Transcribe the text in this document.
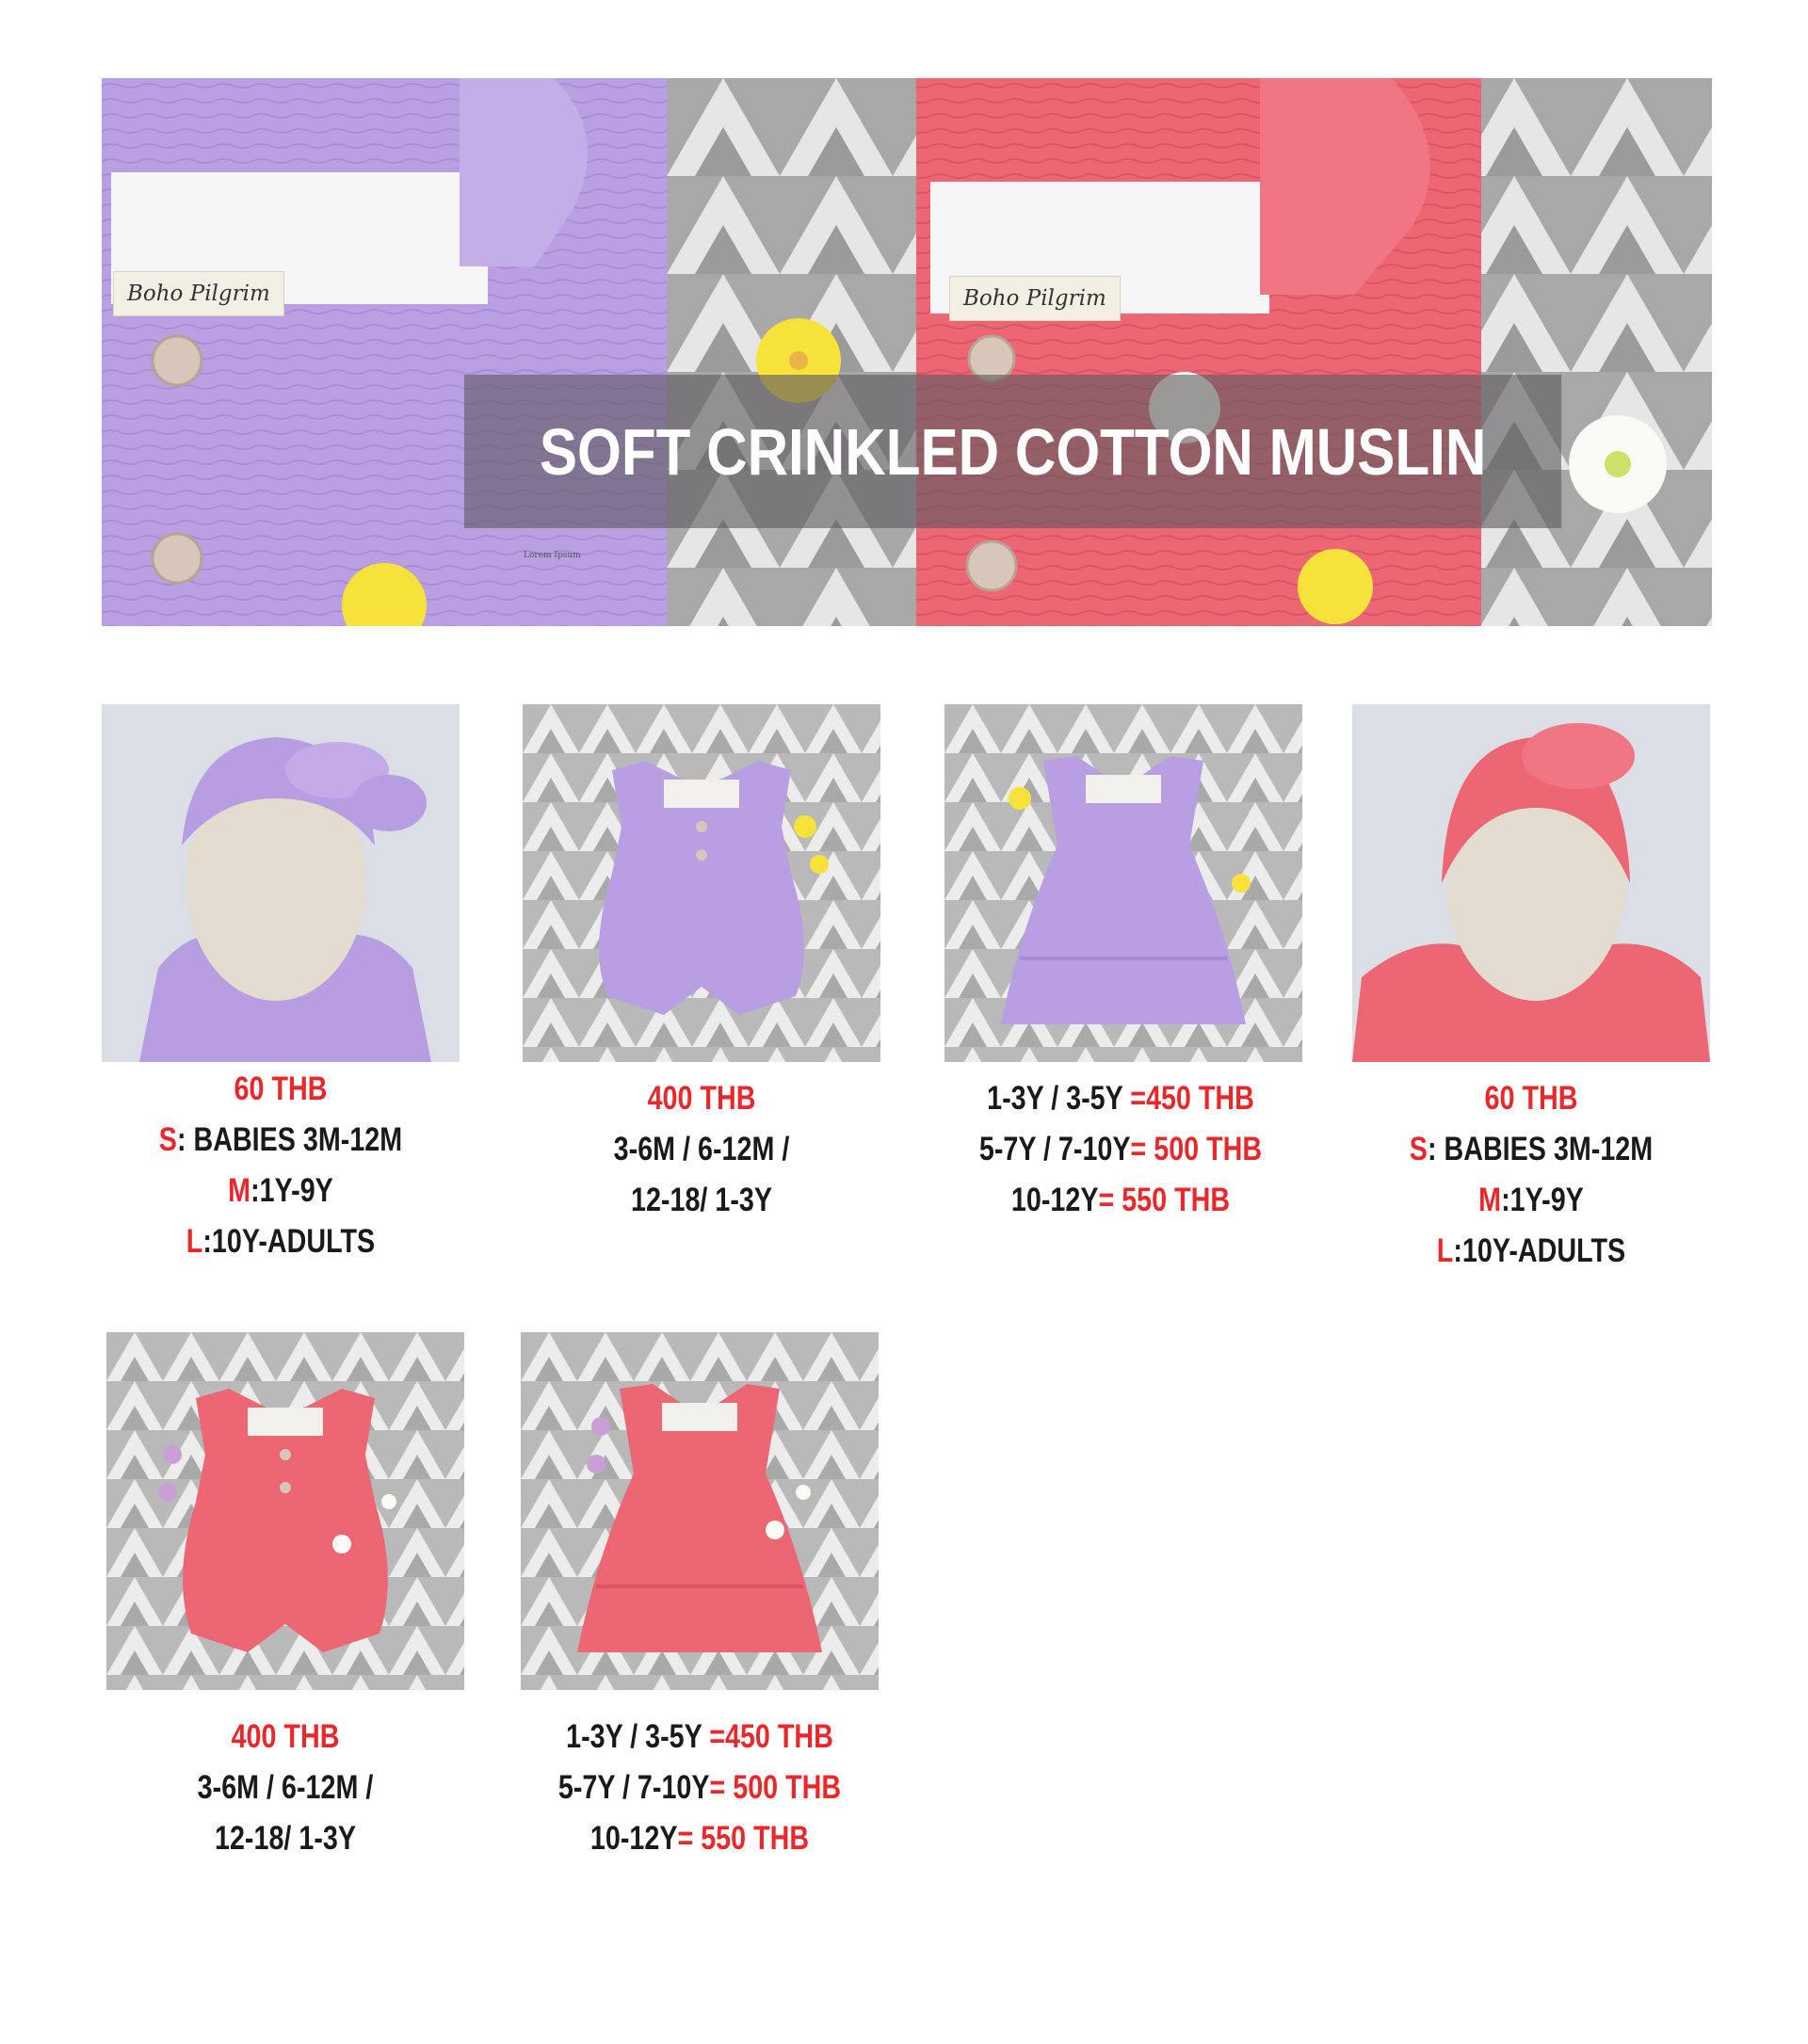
Boho Pilgrim	Boho Pilgrim
Lorem Ipsum
SOFT CRINKLED COTTON MUSLIN
60 THB
S: BABIES 3M-12M
M:1Y-9Y
L:10Y-ADULTS
400 THB
3-6M / 6-12M /
12-18/ 1-3Y
1-3Y / 3-5Y =450 THB
5-7Y / 7-10Y= 500 THB
10-12Y= 550 THB
60 THB
S: BABIES 3M-12M
M:1Y-9Y
L:10Y-ADULTS
400 THB
3-6M / 6-12M /
12-18/ 1-3Y
1-3Y / 3-5Y =450 THB
5-7Y / 7-10Y= 500 THB
10-12Y= 550 THB
